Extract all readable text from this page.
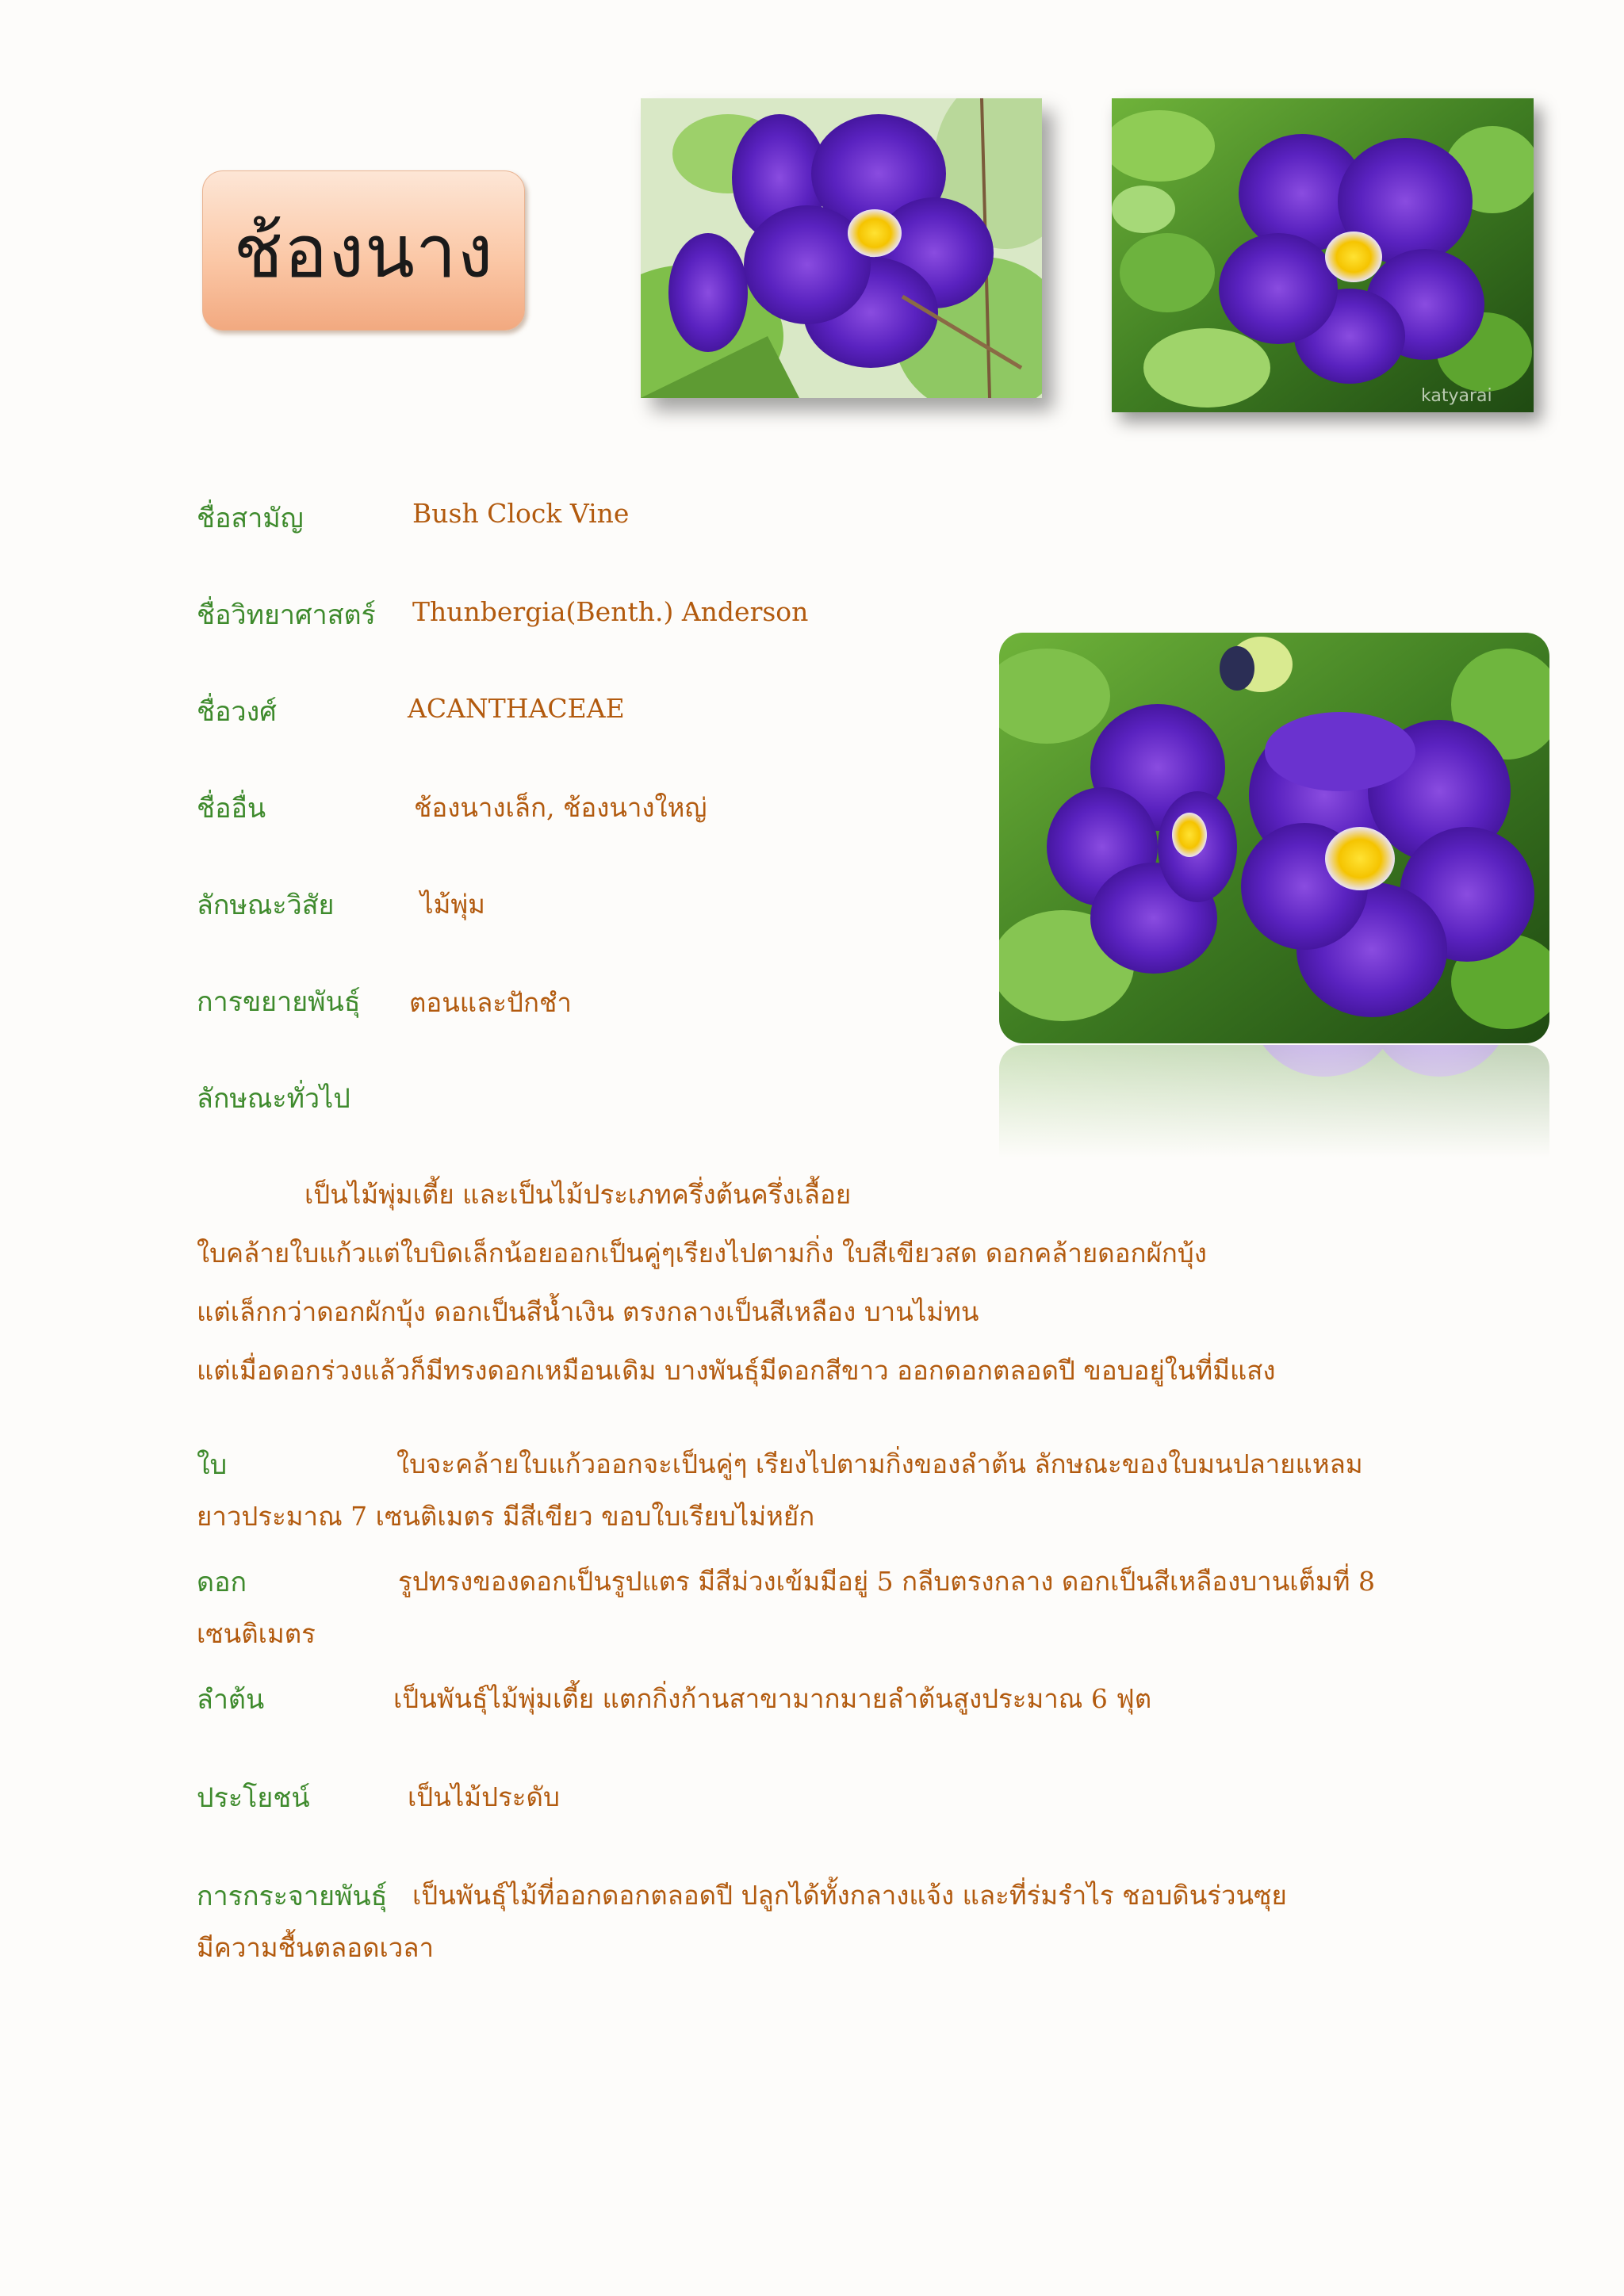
ช้องนาง
katyarai
ชื่อสามัญ	Bush Clock Vine
ชื่อวิทยาศาสตร์ Thunbergia(Benth.) Anderson
ชื่อวงศ์	ACANTHACEAE
ชื่ออื่น	ช้องนางเล็ก, ช้องนางใหญ่
ลักษณะวิสัย	ไม้พุ่ม
การขยายพันธุ์ ตอนและปักชำ
ลักษณะทั่วไป
เป็นไม้พุ่มเตี้ย และเป็นไม้ประเภทครึ่งต้นครึ่งเลื้อย
ใบคล้ายใบแก้วแต่ใบบิดเล็กน้อยออกเป็นคู่ๆเรียงไปตามกิ่ง ใบสีเขียวสด ดอกคล้ายดอกผักบุ้ง
แต่เล็กกว่าดอกผักบุ้ง ดอกเป็นสีน้ำเงิน ตรงกลางเป็นสีเหลือง บานไม่ทน
แต่เมื่อดอกร่วงแล้วก็มีทรงดอกเหมือนเดิม บางพันธุ์มีดอกสีขาว ออกดอกตลอดปี ขอบอยู่ในที่มีแสง
ใบ	ใบจะคล้ายใบแก้วออกจะเป็นคู่ๆ เรียงไปตามกิ่งของลำต้น ลักษณะของใบมนปลายแหลม
ยาวประมาณ 7 เซนติเมตร มีสีเขียว ขอบใบเรียบไม่หยัก
ดอก	รูปทรงของดอกเป็นรูปแตร มีสีม่วงเข้มมีอยู่ 5 กลีบตรงกลาง ดอกเป็นสีเหลืองบานเต็มที่ 8
เซนติเมตร
ลำต้น	เป็นพันธุ์ไม้พุ่มเตี้ย แตกกิ่งก้านสาขามากมายลำต้นสูงประมาณ 6 ฟุต
ประโยชน์	เป็นไม้ประดับ
การกระจายพันธุ์ เป็นพันธุ์ไม้ที่ออกดอกตลอดปี ปลูกได้ทั้งกลางแจ้ง และที่ร่มรำไร ชอบดินร่วนซุย
มีความชื้นตลอดเวลา
